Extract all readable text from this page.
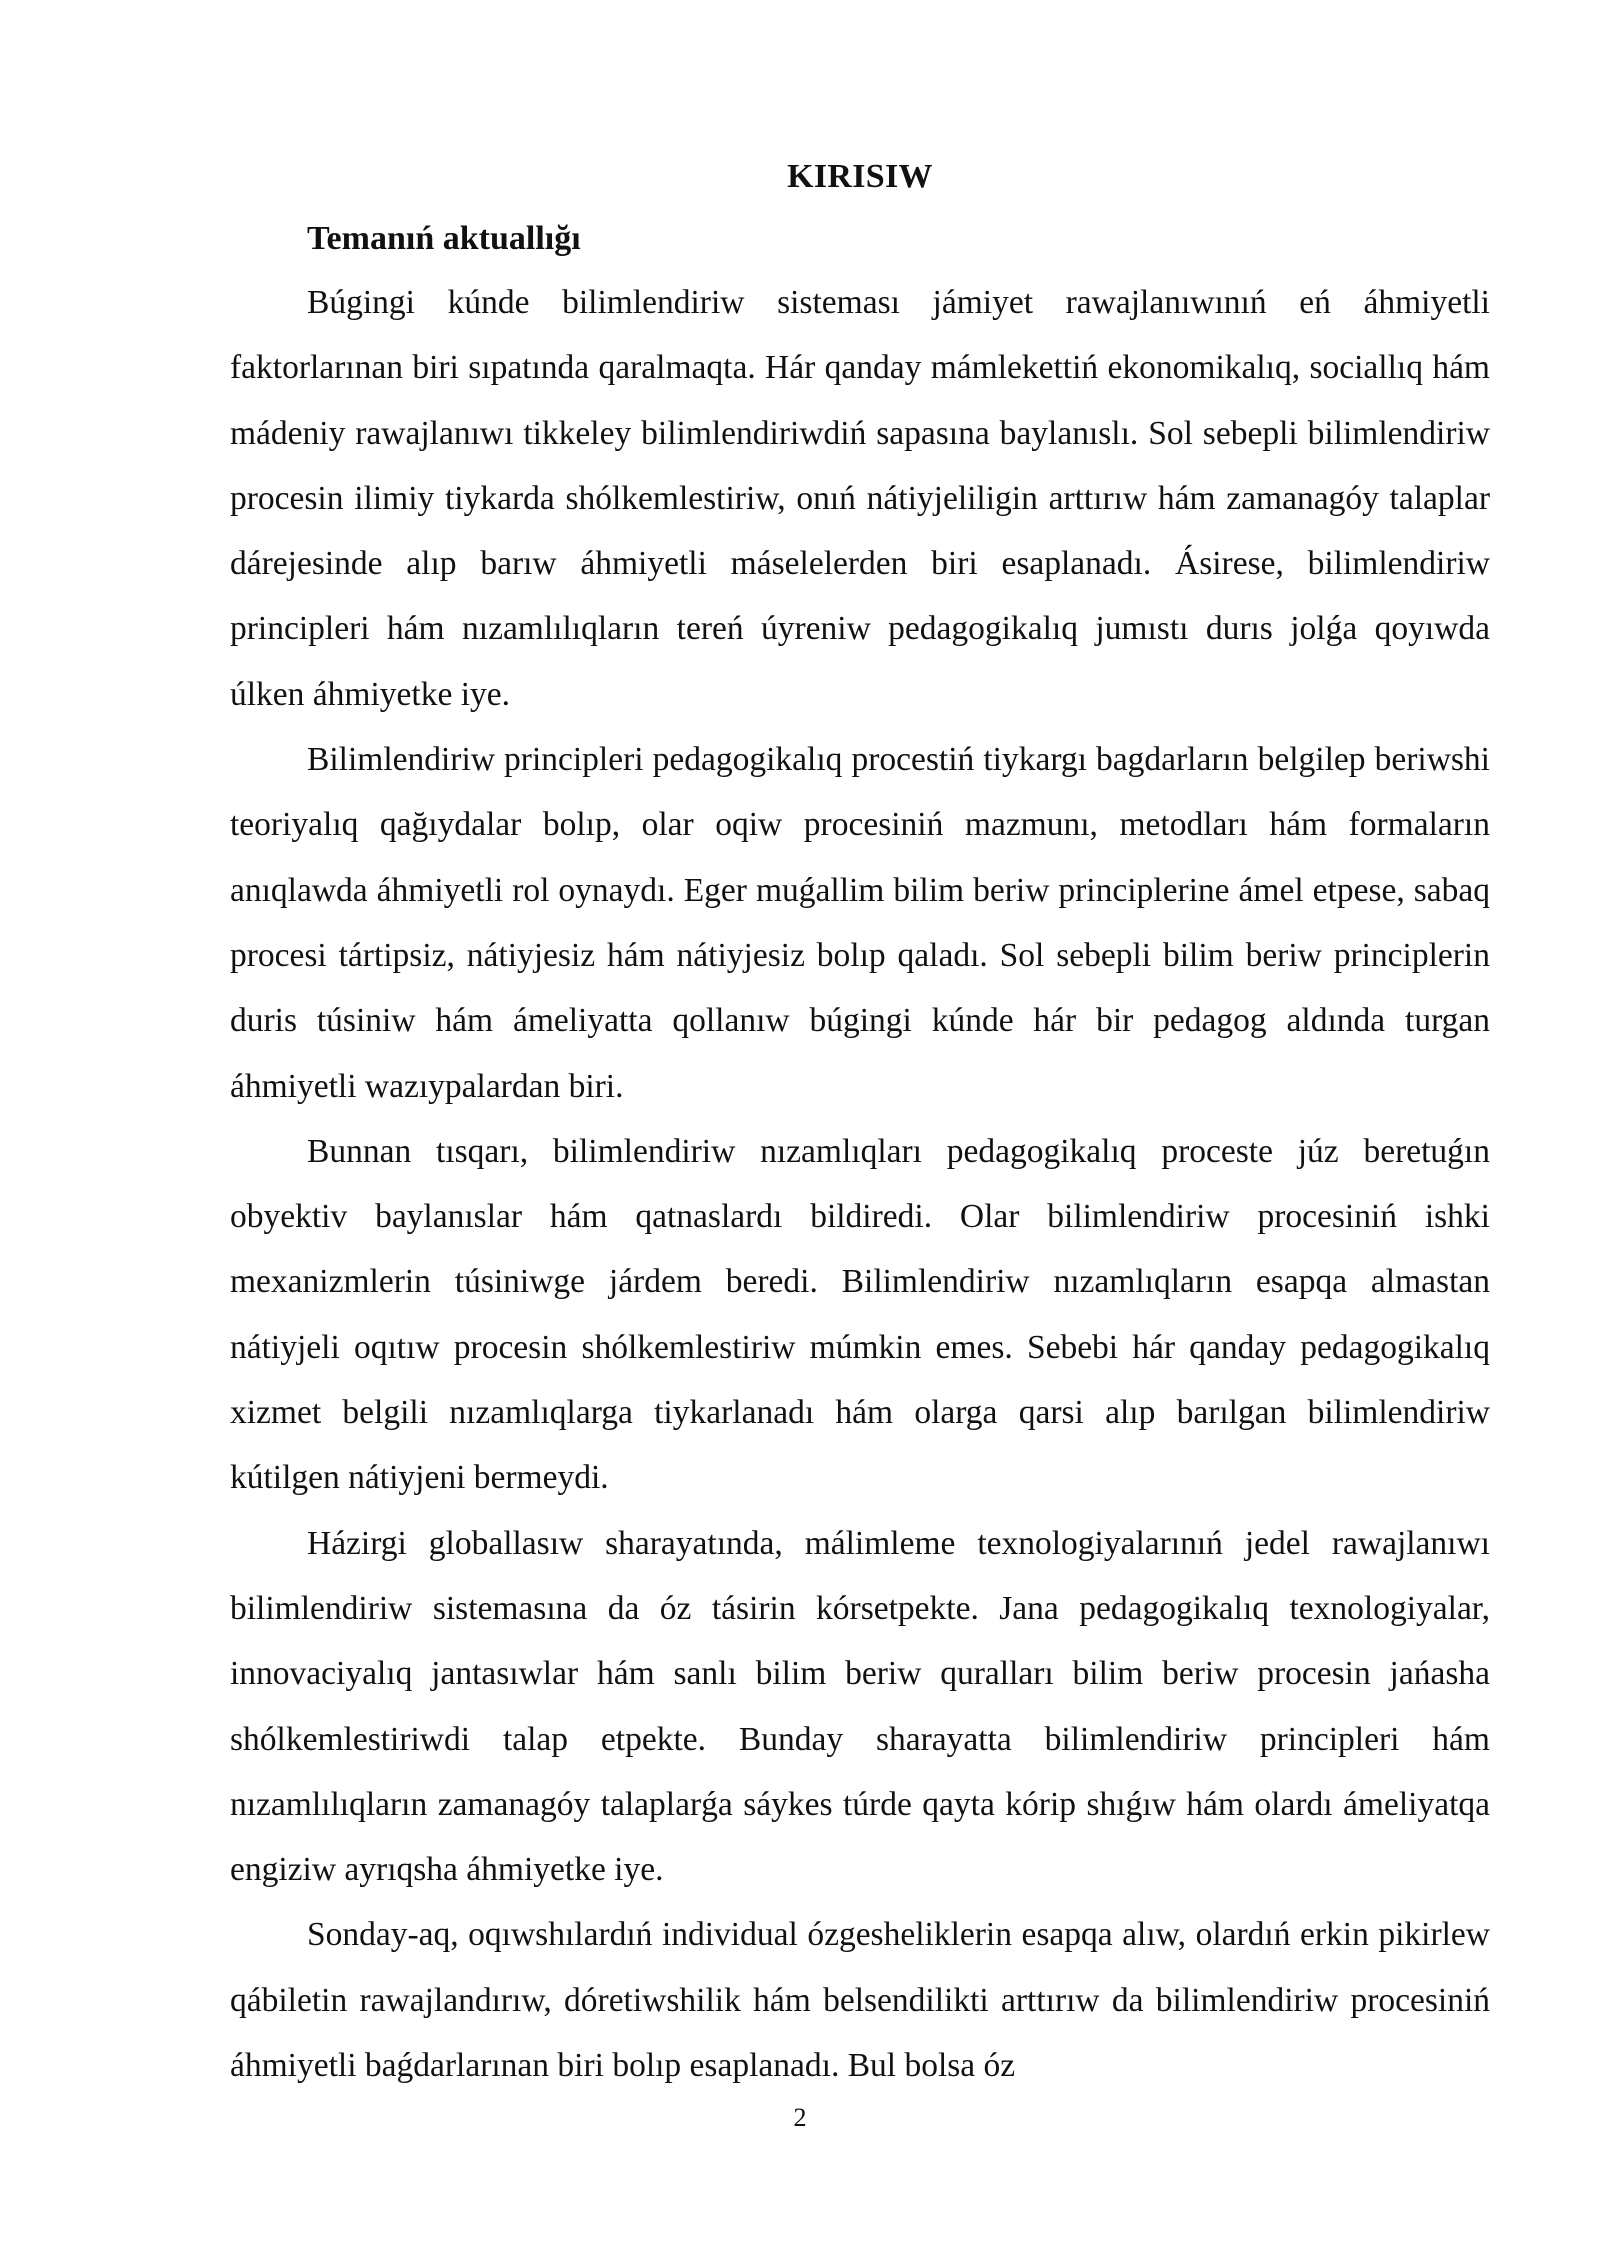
KIRISIW
Temanıń aktuallığı

Búgingi kúnde bilimlendiriw sisteması jámiyet rawajlanıwınıń eń áhmiyetli faktorlarınan biri sıpatında qaralmaqta. Hár qanday mámlekettiń ekonomikalıq, sociallıq hám mádeniy rawajlanıwı tikkeley bilimlendiriwdiń sapasına baylanıslı. Sol sebepli bilimlendiriw procesin ilimiy tiykarda shólkemlestiriw, onıń nátiyjeliligin arttırıw hám zamanagóy talaplar dárejesinde alıp barıw áhmiyetli máselelerden biri esaplanadı. Ásirese, bilimlendiriw principleri hám nızamlılıqların tereń úyreniw pedagogikalıq jumıstı durıs jolǵa qoyıwda úlken áhmiyetke iye.

Bilimlendiriw principleri pedagogikalıq procestiń tiykargı bagdarların belgilep beriwshi teoriyalıq qağıydalar bolıp, olar oqiw procesiniń mazmunı, metodları hám formaların anıqlawda áhmiyetli rol oynaydı. Eger muǵallim bilim beriw principlerine ámel etpese, sabaq procesi tártipsiz, nátiyjesiz hám nátiyjesiz bolıp qaladı. Sol sebepli bilim beriw principlerin duris túsiniw hám ámeliyatta qollanıw búgingi kúnde hár bir pedagog aldında turgan áhmiyetli wazıypalardan biri.

Bunnan tısqarı, bilimlendiriw nızamlıqları pedagogikalıq proceste júz beretuǵın obyektiv baylanıslar hám qatnaslardı bildiredi. Olar bilimlendiriw procesiniń ishki mexanizmlerin túsiniwge járdem beredi. Bilimlendiriw nızamlıqların esapqa almastan nátiyjeli oqıtıw procesin shólkemlestiriw múmkin emes. Sebebi hár qanday pedagogikalıq xizmet belgili nızamlıqlarga tiykarlanadı hám olarga qarsi alıp barılgan bilimlendiriw kútilgen nátiyjeni bermeydi.

Házirgi globallasıw sharayatında, málimleme texnologiyalarınıń jedel rawajlanıwı bilimlendiriw sistemasına da óz tásirin kórsetpekte. Jana pedagogikalıq texnologiyalar, innovaciyalıq jantasıwlar hám sanlı bilim beriw quralları bilim beriw procesin jańasha shólkemlestiriwdi talap etpekte. Bunday sharayatta bilimlendiriw principleri hám nızamlılıqların zamanagóy talaplarǵa sáykes túrde qayta kórip shıǵıw hám olardı ámeliyatqa engiziw ayrıqsha áhmiyetke iye.

Sonday-aq, oqıwshılardıń individual ózgesheliklerin esapqa alıw, olardıń erkin pikirlew qábiletin rawajlandırıw, dóretiwshilik hám belsendilikti arttırıw da bilimlendiriw procesiniń áhmiyetli baǵdarlarınan biri bolıp esaplanadı. Bul bolsa óz

2
